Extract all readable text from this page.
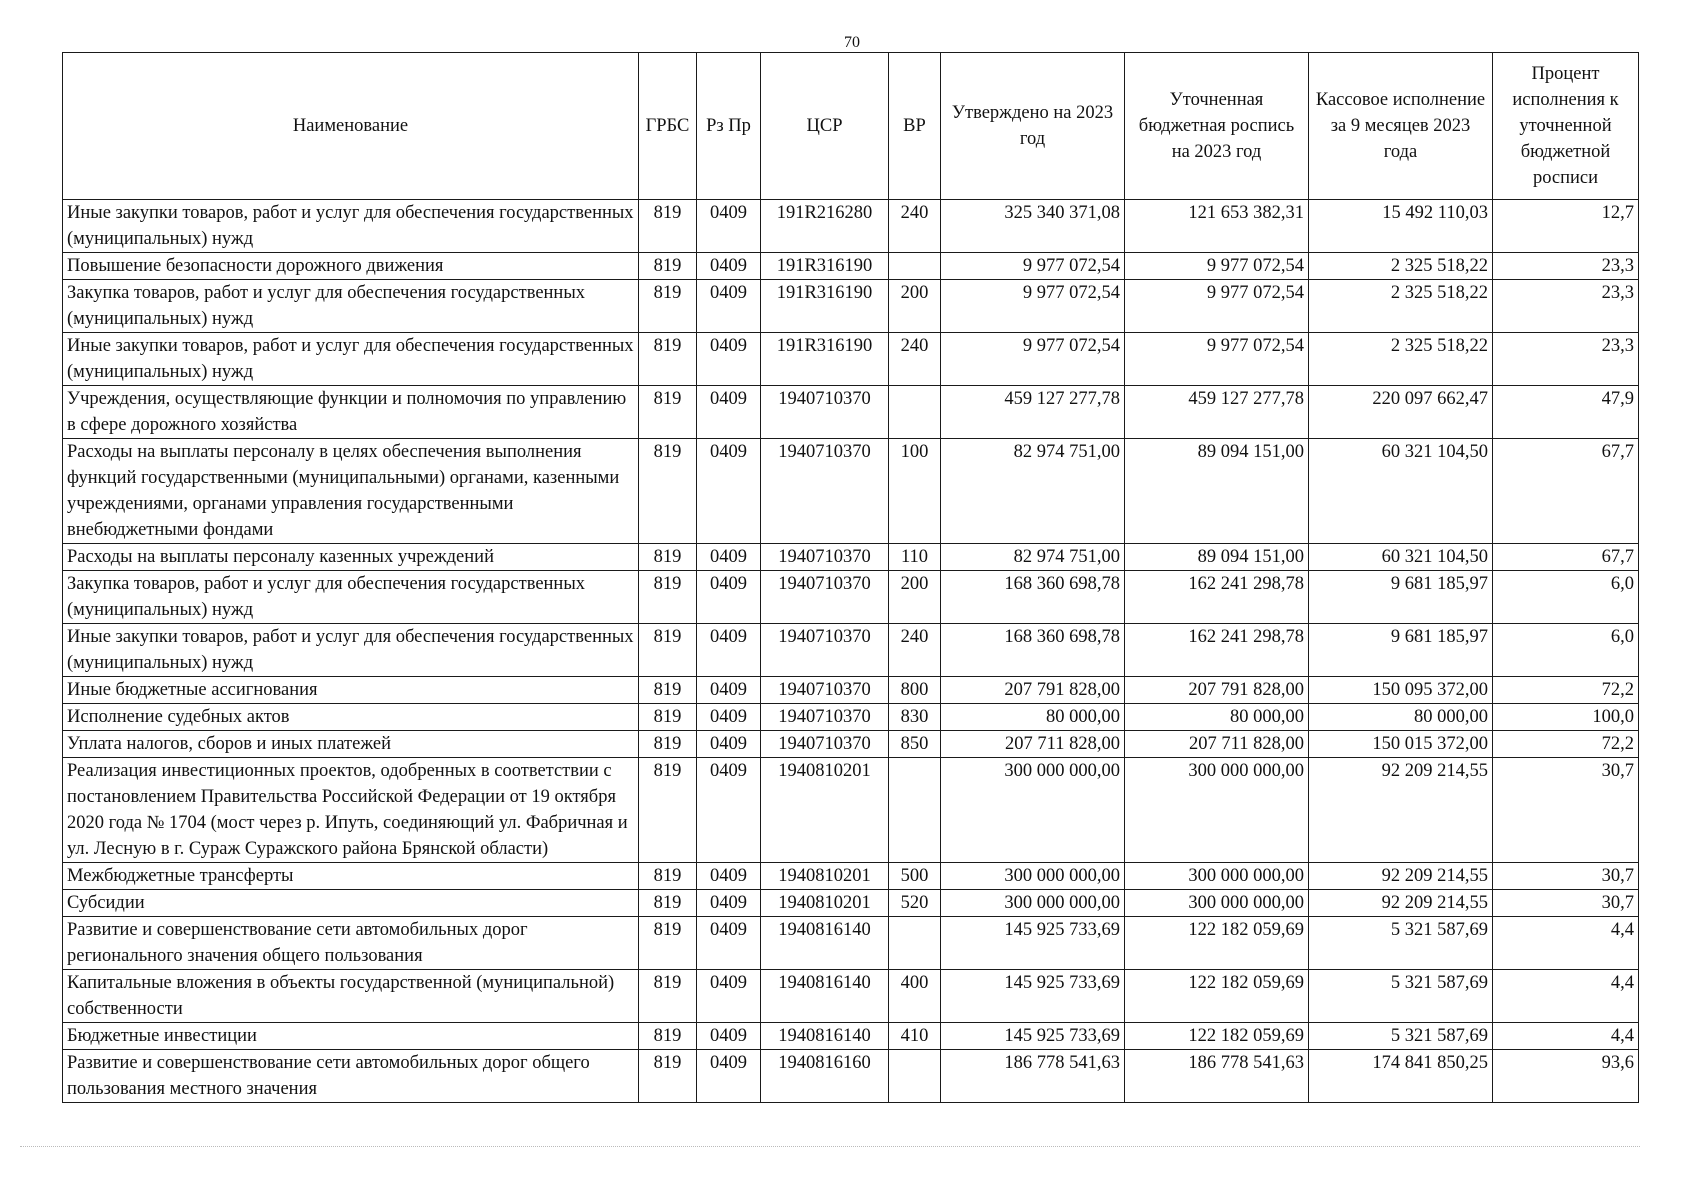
70
Наименование	ГРБС	Рз Пр	ЦСР	ВР	Утверждено на 2023 год	Уточненная бюджетная роспись на 2023 год	Кассовое исполнение за 9 месяцев 2023 года	Процент исполнения к уточненной бюджетной росписи
Иные закупки товаров, работ и услуг для обеспечения государственных (муниципальных) нужд	819	0409	191R216280	240	325 340 371,08	121 653 382,31	15 492 110,03	12,7
Повышение безопасности дорожного движения	819	0409	191R316190		9 977 072,54	9 977 072,54	2 325 518,22	23,3
Закупка товаров, работ и услуг для обеспечения государственных (муниципальных) нужд	819	0409	191R316190	200	9 977 072,54	9 977 072,54	2 325 518,22	23,3
Иные закупки товаров, работ и услуг для обеспечения государственных (муниципальных) нужд	819	0409	191R316190	240	9 977 072,54	9 977 072,54	2 325 518,22	23,3
Учреждения, осуществляющие функции и полномочия по управлению в сфере дорожного хозяйства	819	0409	1940710370		459 127 277,78	459 127 277,78	220 097 662,47	47,9
Расходы на выплаты персоналу в целях обеспечения выполнения функций государственными (муниципальными) органами, казенными учреждениями, органами управления государственными внебюджетными фондами	819	0409	1940710370	100	82 974 751,00	89 094 151,00	60 321 104,50	67,7
Расходы на выплаты персоналу казенных учреждений	819	0409	1940710370	110	82 974 751,00	89 094 151,00	60 321 104,50	67,7
Закупка товаров, работ и услуг для обеспечения государственных (муниципальных) нужд	819	0409	1940710370	200	168 360 698,78	162 241 298,78	9 681 185,97	6,0
Иные закупки товаров, работ и услуг для обеспечения государственных (муниципальных) нужд	819	0409	1940710370	240	168 360 698,78	162 241 298,78	9 681 185,97	6,0
Иные бюджетные ассигнования	819	0409	1940710370	800	207 791 828,00	207 791 828,00	150 095 372,00	72,2
Исполнение судебных актов	819	0409	1940710370	830	80 000,00	80 000,00	80 000,00	100,0
Уплата налогов, сборов и иных платежей	819	0409	1940710370	850	207 711 828,00	207 711 828,00	150 015 372,00	72,2
Реализация инвестиционных проектов, одобренных в соответствии с постановлением Правительства Российской Федерации от 19 октября 2020 года № 1704 (мост через р. Ипуть, соединяющий ул. Фабричная и ул. Лесную в г. Сураж Суражского района Брянской области)	819	0409	1940810201		300 000 000,00	300 000 000,00	92 209 214,55	30,7
Межбюджетные трансферты	819	0409	1940810201	500	300 000 000,00	300 000 000,00	92 209 214,55	30,7
Субсидии	819	0409	1940810201	520	300 000 000,00	300 000 000,00	92 209 214,55	30,7
Развитие и совершенствование сети автомобильных дорог регионального значения общего пользования	819	0409	1940816140		145 925 733,69	122 182 059,69	5 321 587,69	4,4
Капитальные вложения в объекты государственной (муниципальной) собственности	819	0409	1940816140	400	145 925 733,69	122 182 059,69	5 321 587,69	4,4
Бюджетные инвестиции	819	0409	1940816140	410	145 925 733,69	122 182 059,69	5 321 587,69	4,4
Развитие и совершенствование сети автомобильных дорог общего пользования местного значения	819	0409	1940816160		186 778 541,63	186 778 541,63	174 841 850,25	93,6
